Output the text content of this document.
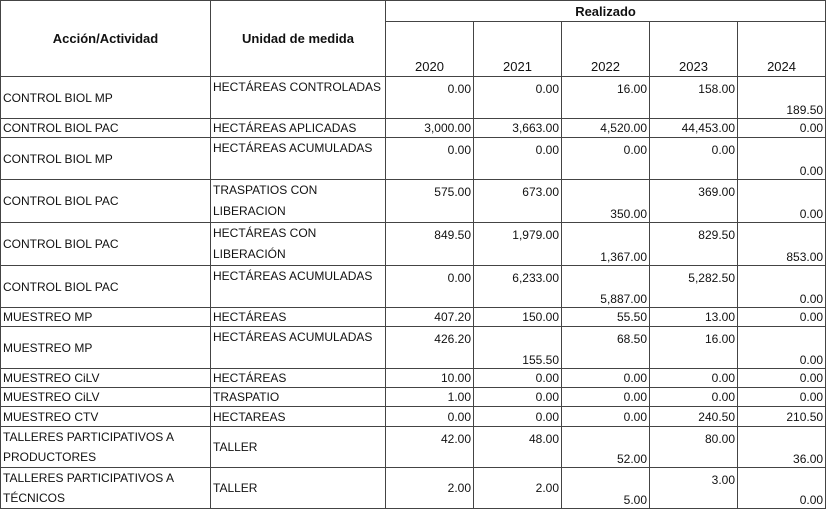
Acción/Actividad	Unidad de medida	Realizado				
		2020	2021	2022	2023	2024
CONTROL BIOL MP	HECTÁREAS CONTROLADAS	0.00	0.00	16.00	158.00	189.50
CONTROL BIOL PAC	HECTÁREAS APLICADAS	3,000.00	3,663.00	4,520.00	44,453.00	0.00
CONTROL BIOL MP	HECTÁREAS ACUMULADAS	0.00	0.00	0.00	0.00	0.00
CONTROL BIOL PAC	TRASPATIOS CON LIBERACION	575.00	673.00	350.00	369.00	0.00
CONTROL BIOL PAC	HECTÁREAS CON LIBERACIÓN	849.50	1,979.00	1,367.00	829.50	853.00
CONTROL BIOL PAC	HECTÁREAS ACUMULADAS	0.00	6,233.00	5,887.00	5,282.50	0.00
MUESTREO MP	HECTÁREAS	407.20	150.00	55.50	13.00	0.00
MUESTREO MP	HECTÁREAS ACUMULADAS	426.20	155.50	68.50	16.00	0.00
MUESTREO CiLV	HECTÁREAS	10.00	0.00	0.00	0.00	0.00
MUESTREO CiLV	TRASPATIO	1.00	0.00	0.00	0.00	0.00
MUESTREO CTV	HECTAREAS	0.00	0.00	0.00	240.50	210.50
TALLERES PARTICIPATIVOS A PRODUCTORES	TALLER	42.00	48.00	52.00	80.00	36.00
TALLERES PARTICIPATIVOS A TÉCNICOS	TALLER	2.00	2.00	5.00	3.00	0.00
